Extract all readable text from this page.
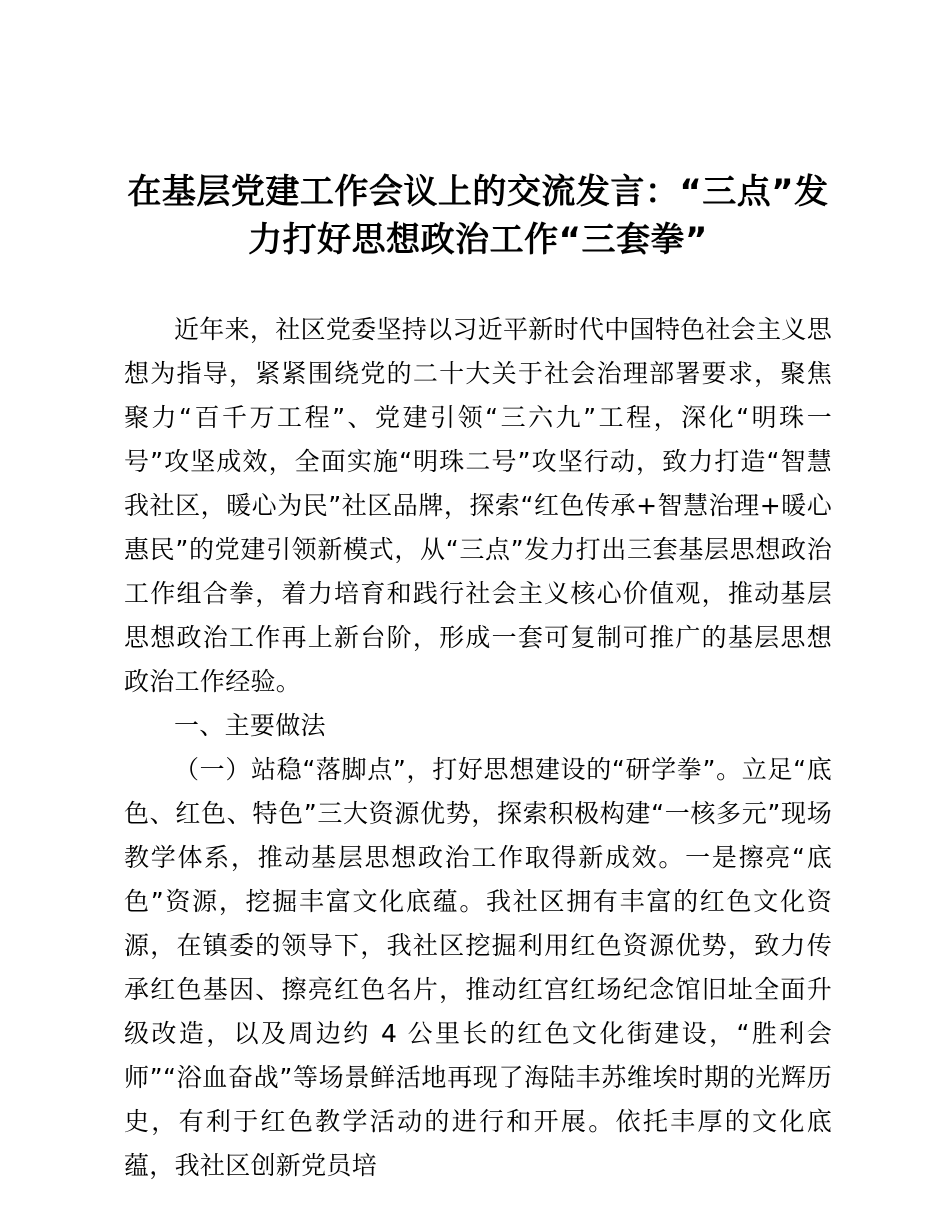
在基层党建工作会议上的交流发言：“三点”发
力打好思想政治工作“三套拳”

近年来，社区党委坚持以习近平新时代中国特色社会主义思想为指导，紧紧围绕党的二十大关于社会治理部署要求，聚焦聚力“百千万工程”、党建引领“三六九”工程，深化“明珠一号”攻坚成效，全面实施“明珠二号”攻坚行动，致力打造“智慧我社区，暖心为民”社区品牌，探索“红色传承+智慧治理+暖心惠民”的党建引领新模式，从“三点”发力打出三套基层思想政治工作组合拳，着力培育和践行社会主义核心价值观，推动基层思想政治工作再上新台阶，形成一套可复制可推广的基层思想政治工作经验。

一、主要做法

（一）站稳“落脚点”，打好思想建设的“研学拳”。立足“底色、红色、特色”三大资源优势，探索积极构建“一核多元”现场教学体系，推动基层思想政治工作取得新成效。一是擦亮“底色”资源，挖掘丰富文化底蕴。我社区拥有丰富的红色文化资源，在镇委的领导下，我社区挖掘利用红色资源优势，致力传承红色基因、擦亮红色名片，推动红宫红场纪念馆旧址全面升级改造，以及周边约 4 公里长的红色文化街建设，“胜利会师”“浴血奋战”等场景鲜活地再现了海陆丰苏维埃时期的光辉历史，有利于红色教学活动的进行和开展。依托丰厚的文化底蕴，我社区创新党员培
